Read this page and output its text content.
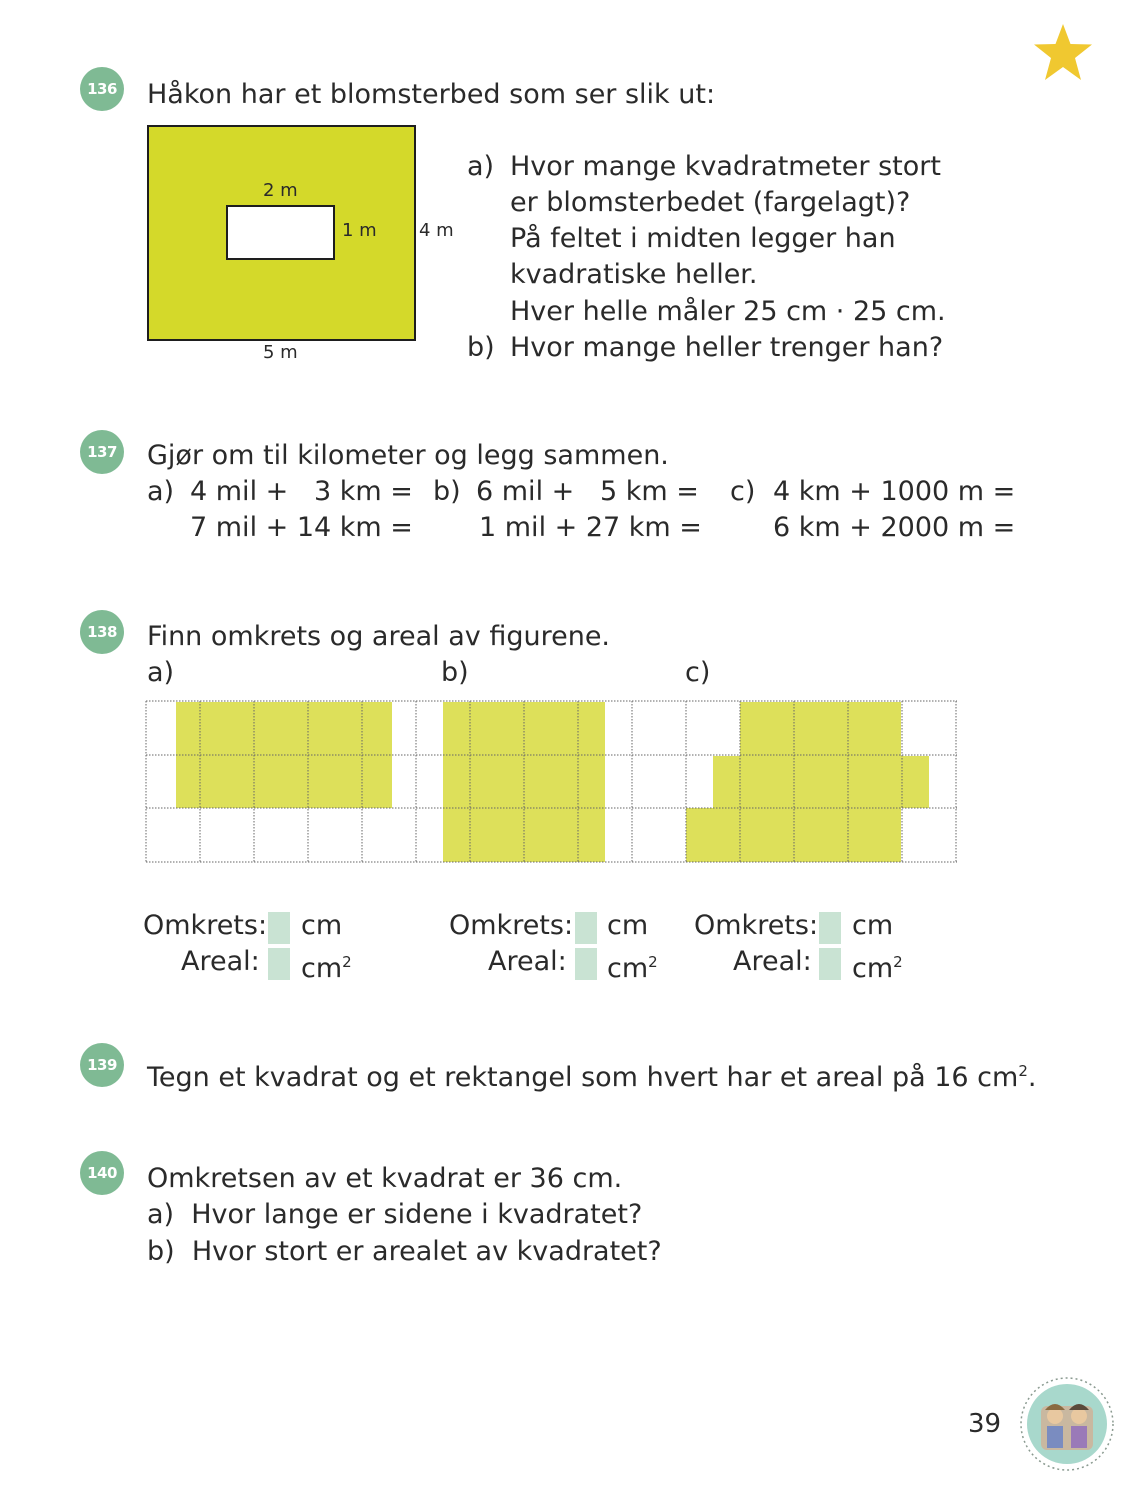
136 Håkon har et blomsterbed som ser slik ut:
2 m
1 m 4 m
5 m
a) Hvor mange kvadratmeter stort
er blomsterbedet (fargelagt)?
På feltet i midten legger han
kvadratiske heller.
Hver helle måler 25 cm · 25 cm.
b) Hvor mange heller trenger han?
137 Gjør om til kilometer og legg sammen.
a) 4 mil +   3 km =
7 mil + 14 km =
b) 6 mil +   5 km =
1 mil + 27 km =
c) 4 km + 1000 m =
6 km + 2000 m =
138 Finn omkrets og areal av figurene.
a)	b)	c)
Omkrets: cm
Areal: $cm^2$
Omkrets: cm
Areal: $cm^2$
Omkrets: cm
Areal: $cm^2$
139 Tegn et kvadrat og et rektangel som hvert har et areal på 16 $cm^2$.
140 Omkretsen av et kvadrat er 36 cm.
a)  Hvor lange er sidene i kvadratet?
b)  Hvor stort er arealet av kvadratet?
39
